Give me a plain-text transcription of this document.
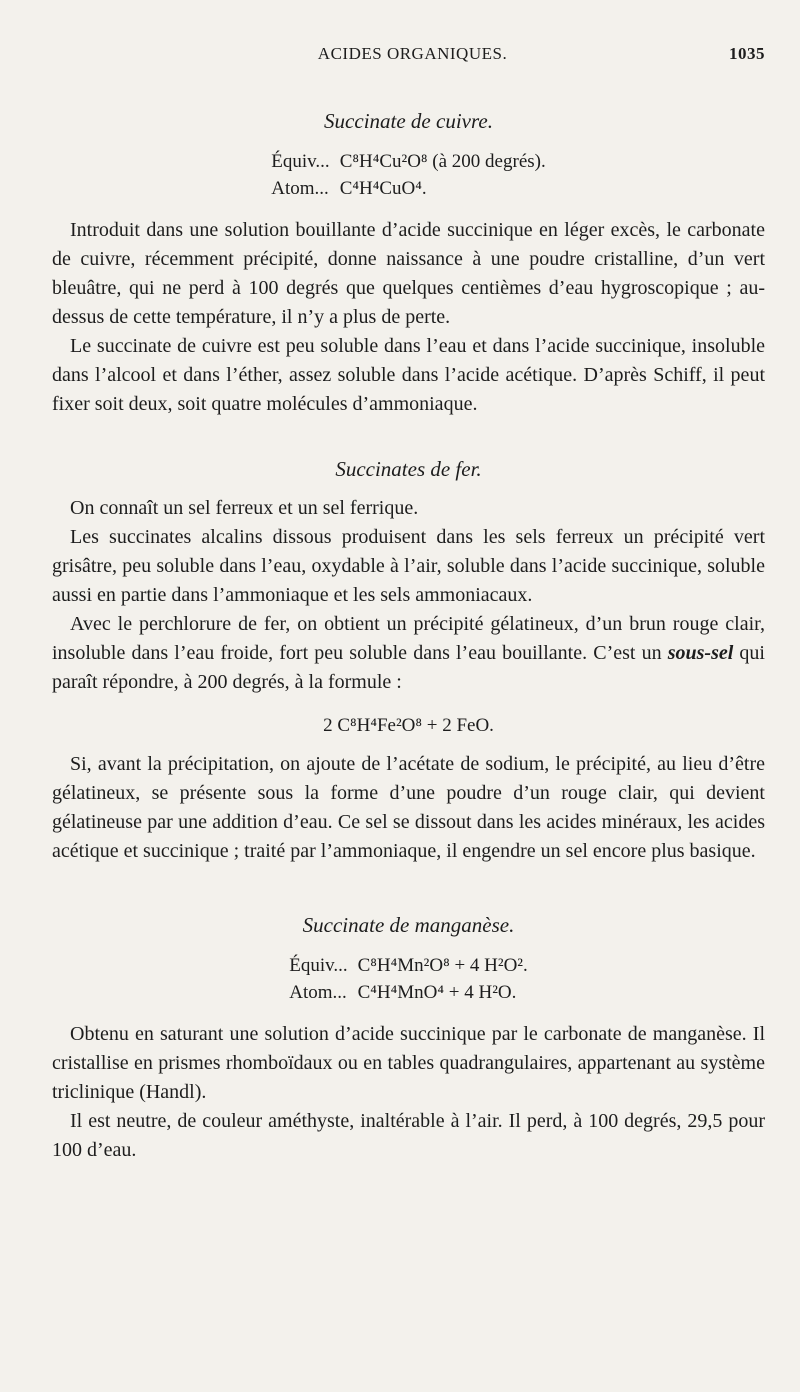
ACIDES ORGANIQUES.	1035
Succinate de cuivre.
Équiv...	C⁸H⁴Cu²O⁸ (à 200 degrés).
Atom...	C⁴H⁴CuO⁴.

Introduit dans une solution bouillante d’acide succinique en léger excès, le carbonate de cuivre, récemment précipité, donne naissance à une poudre cristalline, d’un vert bleuâtre, qui ne perd à 100 degrés que quelques centièmes d’eau hygroscopique ; au-dessus de cette température, il n’y a plus de perte.

Le succinate de cuivre est peu soluble dans l’eau et dans l’acide succinique, insoluble dans l’alcool et dans l’éther, assez soluble dans l’acide acétique. D’après Schiff, il peut fixer soit deux, soit quatre molécules d’ammoniaque.

Succinates de fer.

On connaît un sel ferreux et un sel ferrique.

Les succinates alcalins dissous produisent dans les sels ferreux un précipité vert grisâtre, peu soluble dans l’eau, oxydable à l’air, soluble dans l’acide succinique, soluble aussi en partie dans l’ammoniaque et les sels ammoniacaux.

Avec le perchlorure de fer, on obtient un précipité gélatineux, d’un brun rouge clair, insoluble dans l’eau froide, fort peu soluble dans l’eau bouillante. C’est un sous-sel qui paraît répondre, à 200 degrés, à la formule :

2 C⁸H⁴Fe²O⁸ + 2 FeO.

Si, avant la précipitation, on ajoute de l’acétate de sodium, le précipité, au lieu d’être gélatineux, se présente sous la forme d’une poudre d’un rouge clair, qui devient gélatineuse par une addition d’eau. Ce sel se dissout dans les acides minéraux, les acides acétique et succinique ; traité par l’ammoniaque, il engendre un sel encore plus basique.

Succinate de manganèse.
Équiv...	C⁸H⁴Mn²O⁸ + 4 H²O².
Atom...	C⁴H⁴MnO⁴ + 4 H²O.

Obtenu en saturant une solution d’acide succinique par le carbonate de manganèse. Il cristallise en prismes rhomboïdaux ou en tables quadrangulaires, appartenant au système triclinique (Handl).

Il est neutre, de couleur améthyste, inaltérable à l’air. Il perd, à 100 degrés, 29,5 pour 100 d’eau.
